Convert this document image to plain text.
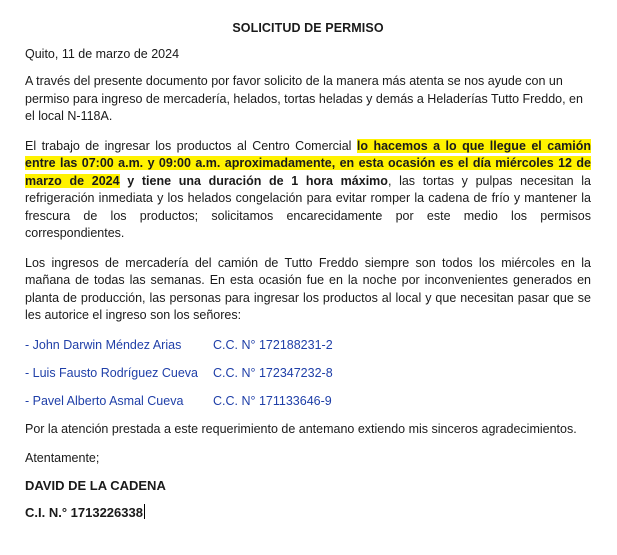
SOLICITUD DE PERMISO
Quito, 11 de marzo de 2024

A través del presente documento por favor solicito de la manera más atenta se nos ayude con un permiso para ingreso de mercadería, helados, tortas heladas y demás a Heladerías Tutto Freddo, en el local N-118A.

El trabajo de ingresar los productos al Centro Comercial lo hacemos a lo que llegue el camión entre las 07:00 a.m. y 09:00 a.m. aproximadamente, en esta ocasión es el día miércoles 12 de marzo de 2024 y tiene una duración de 1 hora máximo, las tortas y pulpas necesitan la refrigeración inmediata y los helados congelación para evitar romper la cadena de frío y mantener la frescura de los productos; solicitamos encarecidamente por este medio los permisos correspondientes.

Los ingresos de mercadería del camión de Tutto Freddo siempre son todos los miércoles en la mañana de todas las semanas. En esta ocasión fue en la noche por inconvenientes generados en planta de producción, las personas para ingresar los productos al local y que necesitan pasar que se les autorice el ingreso son los señores:

- John Darwin Méndez Arias	C.C. N° 172188231-2
- Luis Fausto Rodríguez Cueva C.C. N° 172347232-8
- Pavel Alberto Asmal Cueva C.C. N° 171133646-9

Por la atención prestada a este requerimiento de antemano extiendo mis sinceros agradecimientos.

Atentamente;
DAVID DE LA CADENA
C.I. N.° 1713226338
